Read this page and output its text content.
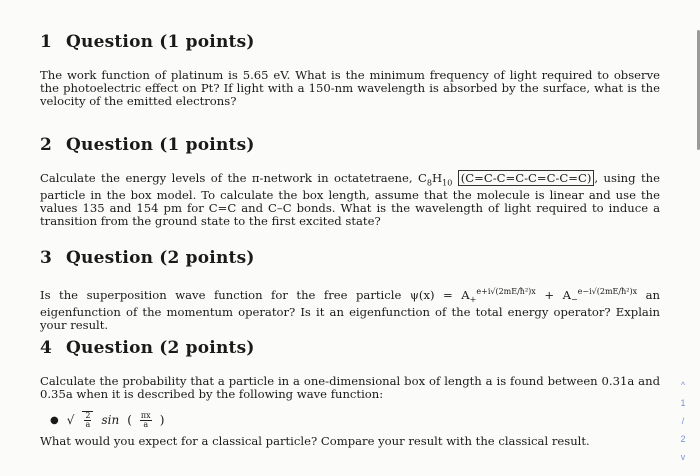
1 Question (1 points)
The work function of platinum is 5.65 eV. What is the minimum frequency of light required to observe the photoelectric effect on Pt? If light with a 150-nm wavelength is absorbed by the surface, what is the velocity of the emitted electrons?
2 Question (1 points)
Calculate the energy levels of the π-network in octatetraene, $C_8H_{10}$ (C=C-C=C-C=C-C=C) , using the particle in the box model. To calculate the box length, assume that the molecule is linear and use the values 135 and 154 pm for C=C and C–C bonds. What is the wavelength of light required to induce a transition from the ground state to the first excited state?
3 Question (2 points)
Is the superposition wave function for the free particle $\psi(x) = A_+^{e+i√(2mE/ħ^2)x} + A_-^{e-i√(2mE/ħ^2)x}$ an eigenfunction of the momentum operator? Is it an eigenfunction of the total energy operator? Explain your result.
4 Question (2 points)
Calculate the probability that a particle in a one-dimensional box of length a is found between 0.31a and 0.35a when it is described by the following wave function:
● √ $\frac{2}{a}$ sin ( $\frac{\pi x}{a}$ )
What would you expect for a classical particle? Compare your result with the classical result.
^
1
/
2
v
